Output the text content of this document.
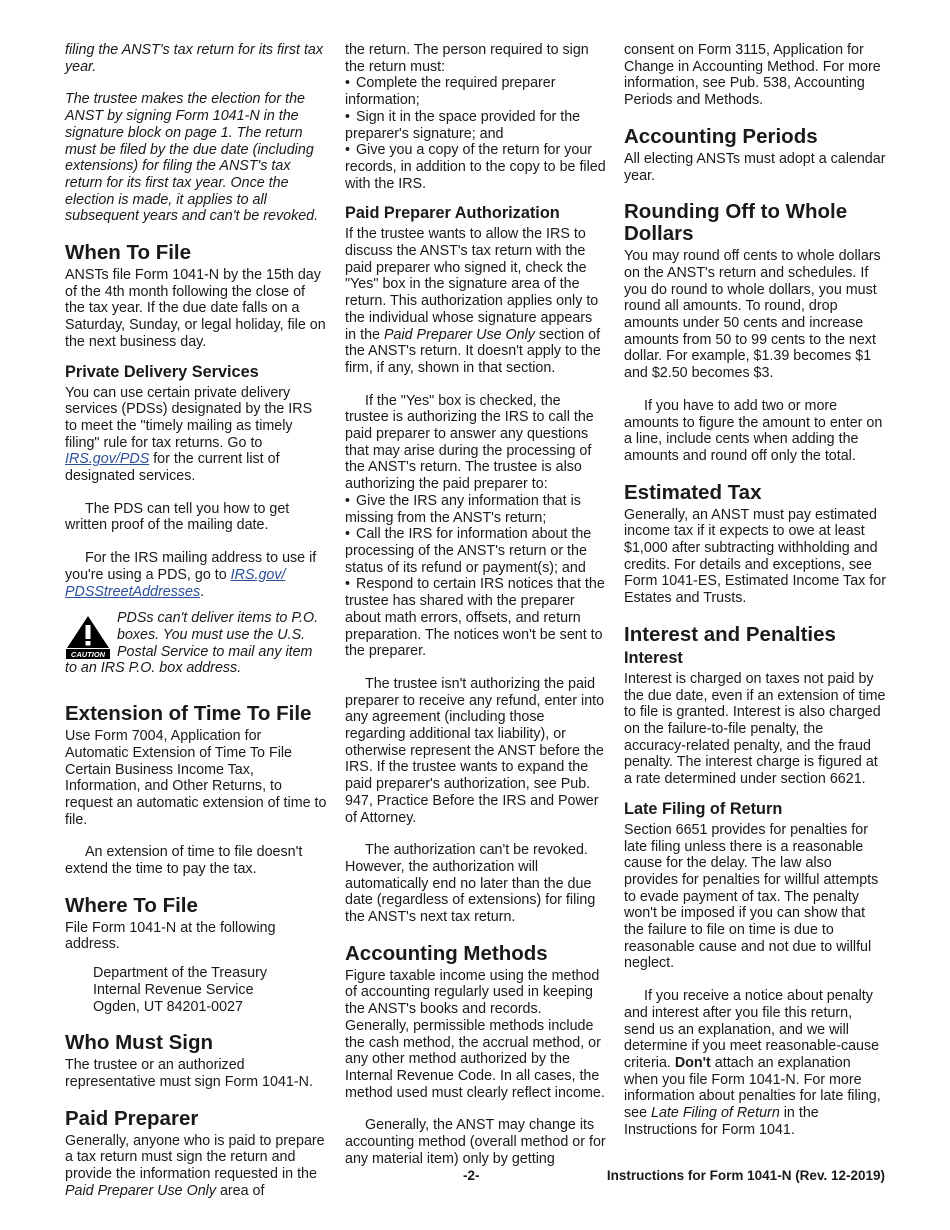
filing the ANST's tax return for its first tax year.

The trustee makes the election for the ANST by signing Form 1041-N in the signature block on page 1. The return must be filed by the due date (including extensions) for filing the ANST's tax return for its first tax year. Once the election is made, it applies to all subsequent years and can't be revoked.

When To File

ANSTs file Form 1041-N by the 15th day of the 4th month following the close of the tax year. If the due date falls on a Saturday, Sunday, or legal holiday, file on the next business day.

Private Delivery Services

You can use certain private delivery services (PDSs) designated by the IRS to meet the "timely mailing as timely filing" rule for tax returns. Go to IRS.gov/PDS for the current list of designated services.

The PDS can tell you how to get written proof of the mailing date.

For the IRS mailing address to use if you're using a PDS, go to IRS.gov/ PDSStreetAddresses.

CAUTION

PDSs can't deliver items to P.O. boxes. You must use the U.S. Postal Service to mail any item to an IRS P.O. box address.

Extension of Time To File

Use Form 7004, Application for Automatic Extension of Time To File Certain Business Income Tax, Information, and Other Returns, to request an automatic extension of time to file.

An extension of time to file doesn't extend the time to pay the tax.

Where To File

File Form 1041-N at the following address.

Department of the Treasury

Internal Revenue Service

Ogden, UT 84201-0027

Who Must Sign

The trustee or an authorized representative must sign Form 1041-N.

Paid Preparer

Generally, anyone who is paid to prepare a tax return must sign the return and provide the information requested in the Paid Preparer Use Only area of

the return. The person required to sign the return must:

• Complete the required preparer information;

• Sign it in the space provided for the preparer's signature; and

• Give you a copy of the return for your records, in addition to the copy to be filed with the IRS.

Paid Preparer Authorization

If the trustee wants to allow the IRS to discuss the ANST's tax return with the paid preparer who signed it, check the "Yes" box in the signature area of the return. This authorization applies only to the individual whose signature appears in the Paid Preparer Use Only section of the ANST's return. It doesn't apply to the firm, if any, shown in that section.

If the "Yes" box is checked, the trustee is authorizing the IRS to call the paid preparer to answer any questions that may arise during the processing of the ANST's return. The trustee is also authorizing the paid preparer to:

• Give the IRS any information that is missing from the ANST's return;

• Call the IRS for information about the processing of the ANST's return or the status of its refund or payment(s); and

• Respond to certain IRS notices that the trustee has shared with the preparer about math errors, offsets, and return preparation. The notices won't be sent to the preparer.

The trustee isn't authorizing the paid preparer to receive any refund, enter into any agreement (including those regarding additional tax liability), or otherwise represent the ANST before the IRS. If the trustee wants to expand the paid preparer's authorization, see Pub. 947, Practice Before the IRS and Power of Attorney.

The authorization can't be revoked. However, the authorization will automatically end no later than the due date (regardless of extensions) for filing the ANST's next tax return.

Accounting Methods

Figure taxable income using the method of accounting regularly used in keeping the ANST's books and records. Generally, permissible methods include the cash method, the accrual method, or any other method authorized by the Internal Revenue Code. In all cases, the method used must clearly reflect income.

Generally, the ANST may change its accounting method (overall method or for any material item) only by getting

consent on Form 3115, Application for Change in Accounting Method. For more information, see Pub. 538, Accounting Periods and Methods.

Accounting Periods

All electing ANSTs must adopt a calendar year.

Rounding Off to Whole Dollars

You may round off cents to whole dollars on the ANST's return and schedules. If you do round to whole dollars, you must round all amounts. To round, drop amounts under 50 cents and increase amounts from 50 to 99 cents to the next dollar. For example, $1.39 becomes $1 and $2.50 becomes $3.

If you have to add two or more amounts to figure the amount to enter on a line, include cents when adding the amounts and round off only the total.

Estimated Tax

Generally, an ANST must pay estimated income tax if it expects to owe at least $1,000 after subtracting withholding and credits. For details and exceptions, see Form 1041-ES, Estimated Income Tax for Estates and Trusts.

Interest and Penalties
Interest

Interest is charged on taxes not paid by the due date, even if an extension of time to file is granted. Interest is also charged on the failure-to-file penalty, the accuracy-related penalty, and the fraud penalty. The interest charge is figured at a rate determined under section 6621.

Late Filing of Return

Section 6651 provides for penalties for late filing unless there is a reasonable cause for the delay. The law also provides for penalties for willful attempts to evade payment of tax. The penalty won't be imposed if you can show that the failure to file on time is due to reasonable cause and not due to willful neglect.

If you receive a notice about penalty and interest after you file this return, send us an explanation, and we will determine if you meet reasonable-cause criteria. Don't attach an explanation when you file Form 1041-N. For more information about penalties for late filing, see Late Filing of Return in the Instructions for Form 1041.

-2-	Instructions for Form 1041-N (Rev. 12-2019)
